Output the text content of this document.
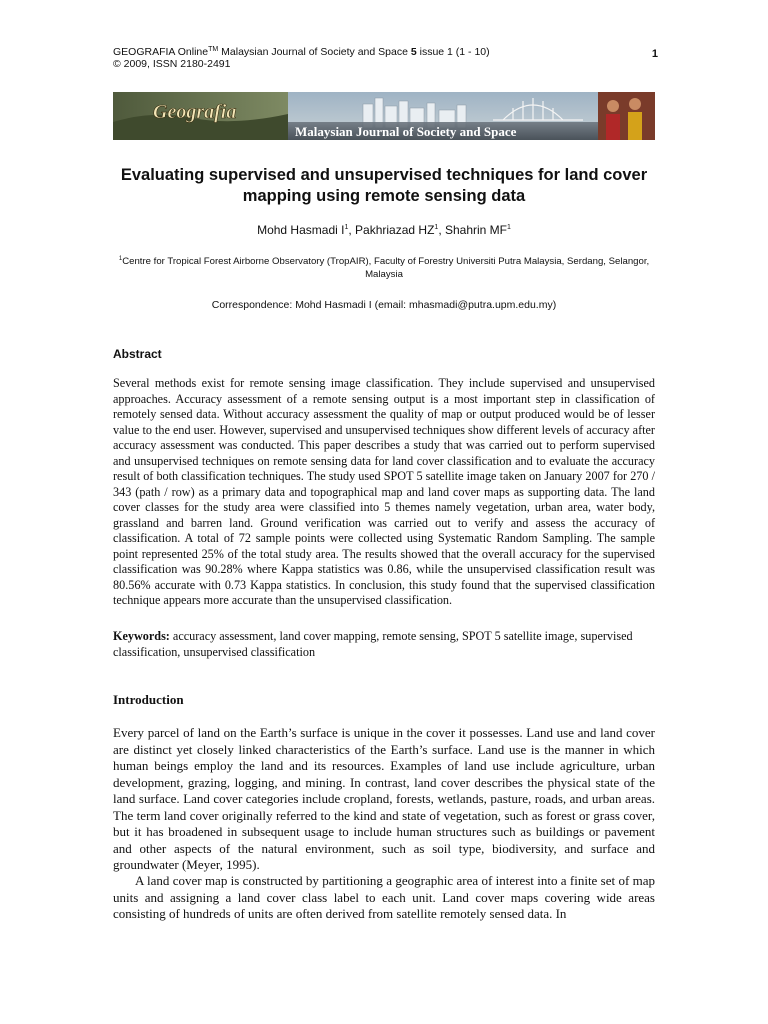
GEOGRAFIA Online™ Malaysian Journal of Society and Space 5 issue 1 (1 - 10)
© 2009, ISSN 2180-2491
1
Geografia
Malaysian Journal of Society and Space
Evaluating supervised and unsupervised techniques for land cover mapping using remote sensing data
Mohd Hasmadi $I^1$, Pakhriazad $HZ^1$, Shahrin $MF^1$
$^1$Centre for Tropical Forest Airborne Observatory (TropAIR), Faculty of Forestry Universiti Putra Malaysia, Serdang, Selangor, Malaysia
Correspondence: Mohd Hasmadi I (email: mhasmadi@putra.upm.edu.my)
Abstract

Several methods exist for remote sensing image classification. They include supervised and unsupervised approaches. Accuracy assessment of a remote sensing output is a most important step in classification of remotely sensed data. Without accuracy assessment the quality of map or output produced would be of lesser value to the end user. However, supervised and unsupervised techniques show different levels of accuracy after accuracy assessment was conducted. This paper describes a study that was carried out to perform supervised and unsupervised techniques on remote sensing data for land cover classification and to evaluate the accuracy result of both classification techniques. The study used SPOT 5 satellite image taken on January 2007 for 270 / 343 (path / row) as a primary data and topographical map and land cover maps as supporting data. The land cover classes for the study area were classified into 5 themes namely vegetation, urban area, water body, grassland and barren land. Ground verification was carried out to verify and assess the accuracy of classification. A total of 72 sample points were collected using Systematic Random Sampling. The sample point represented 25% of the total study area. The results showed that the overall accuracy for the supervised classification was 90.28% where Kappa statistics was 0.86, while the unsupervised classification result was 80.56% accurate with 0.73 Kappa statistics. In conclusion, this study found that the supervised classification technique appears more accurate than the unsupervised classification.

Keywords: accuracy assessment, land cover mapping, remote sensing, SPOT 5 satellite image, supervised classification, unsupervised classification

Introduction

Every parcel of land on the Earth’s surface is unique in the cover it possesses. Land use and land cover are distinct yet closely linked characteristics of the Earth’s surface. Land use is the manner in which human beings employ the land and its resources. Examples of land use include agriculture, urban development, grazing, logging, and mining. In contrast, land cover describes the physical state of the land surface. Land cover categories include cropland, forests, wetlands, pasture, roads, and urban areas. The term land cover originally referred to the kind and state of vegetation, such as forest or grass cover, but it has broadened in subsequent usage to include human structures such as buildings or pavement and other aspects of the natural environment, such as soil type, biodiversity, and surface and groundwater (Meyer, 1995).

A land cover map is constructed by partitioning a geographic area of interest into a finite set of map units and assigning a land cover class label to each unit. Land cover maps covering wide areas consisting of hundreds of units are often derived from satellite remotely sensed data. In
